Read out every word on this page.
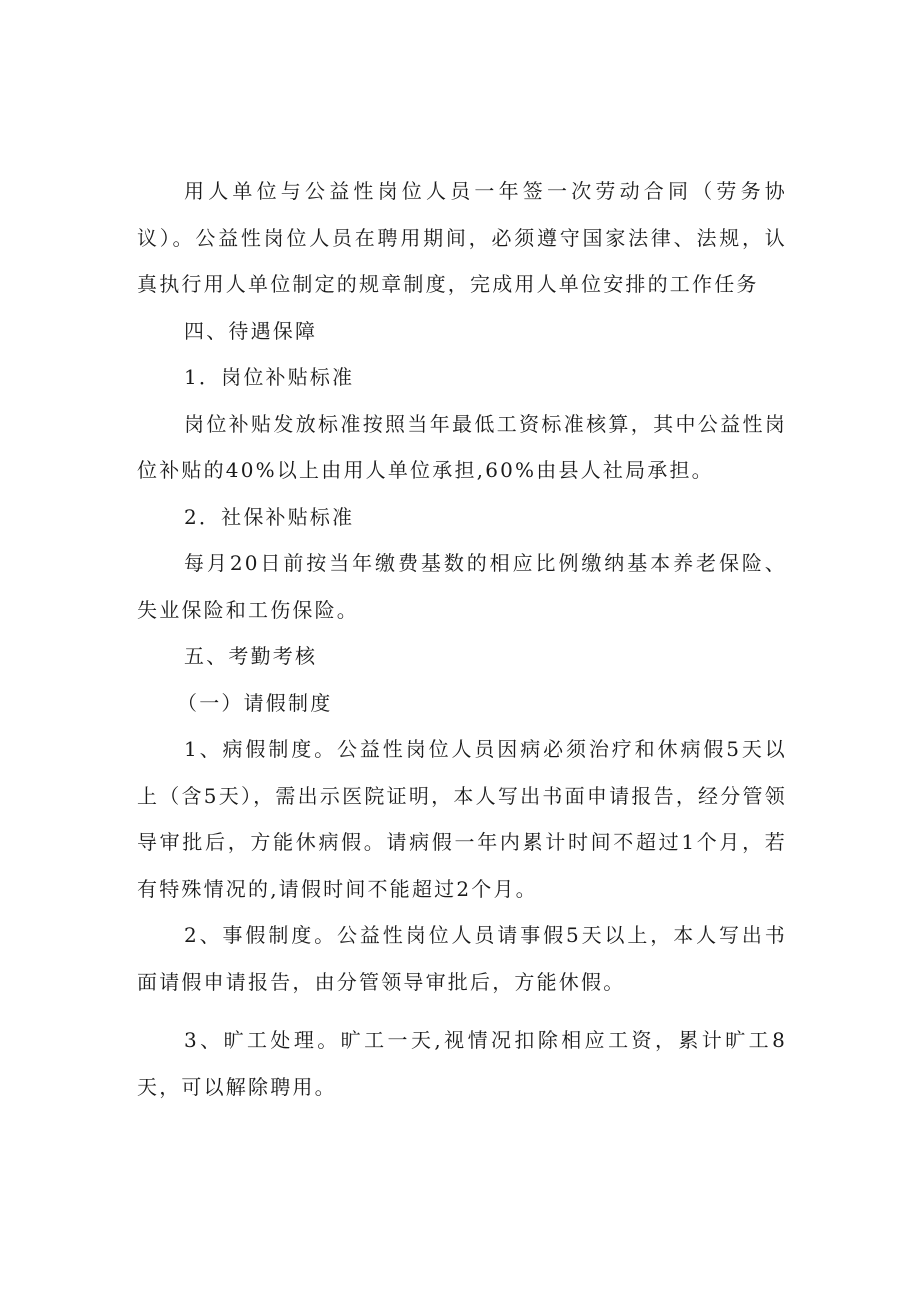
用人单位与公益性岗位人员一年签一次劳动合同（劳务协议）。公益性岗位人员在聘用期间，必须遵守国家法律、法规，认真执行用人单位制定的规章制度，完成用人单位安排的工作任务

四、待遇保障

1．岗位补贴标准

岗位补贴发放标准按照当年最低工资标准核算，其中公益性岗位补贴的40%以上由用人单位承担,60%由县人社局承担。

2．社保补贴标准

每月20日前按当年缴费基数的相应比例缴纳基本养老保险、失业保险和工伤保险。

五、考勤考核

（一）请假制度

1、病假制度。公益性岗位人员因病必须治疗和休病假5天以上（含5天），需出示医院证明，本人写出书面申请报告，经分管领导审批后，方能休病假。请病假一年内累计时间不超过1个月，若有特殊情况的,请假时间不能超过2个月。

2、事假制度。公益性岗位人员请事假5天以上，本人写出书面请假申请报告，由分管领导审批后，方能休假。

3、旷工处理。旷工一天,视情况扣除相应工资，累计旷工8天，可以解除聘用。
